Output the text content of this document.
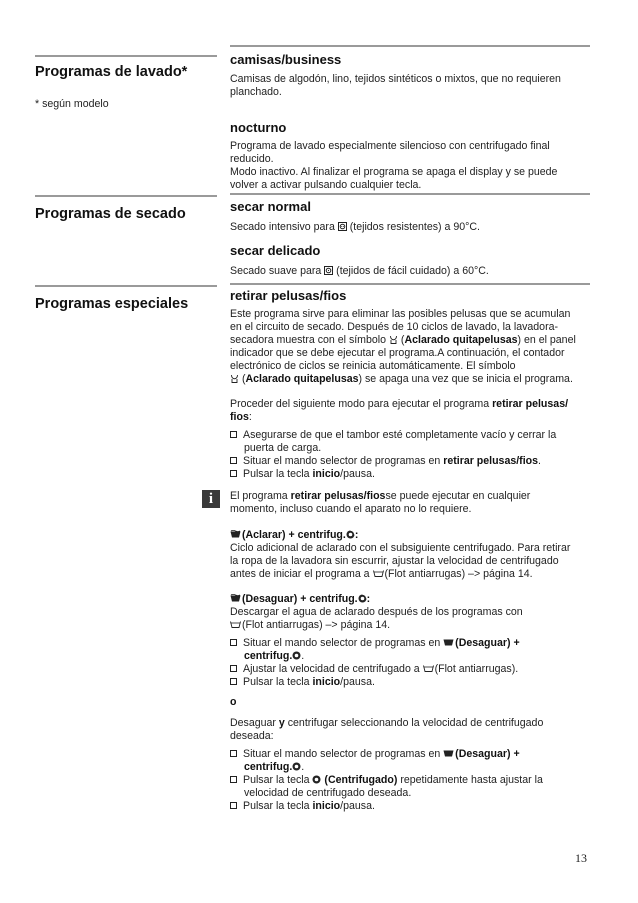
Programas de lavado*
* según modelo
Programas de secado
Programas especiales
camisas/business
Camisas de algodón, lino, tejidos sintéticos o mixtos, que no requieren planchado.
nocturno
Programa de lavado especialmente silencioso con centrifugado final
reducido.
Modo inactivo. Al finalizar el programa se apaga el display y se puede
volver a activar pulsando cualquier tecla.
secar normal
Secado intensivo para
(tejidos resistentes) a 90°C.
secar delicado
Secado suave para
(tejidos de fácil cuidado) a 60°C.
retirar pelusas/fios
Este programa sirve para eliminar las posibles pelusas que se acumulan
en el circuito de secado. Después de 10 ciclos de lavado, la lavadora-
secadora muestra con el símbolo
(Aclarado quitapelusas) en el panel
indicador que se debe ejecutar el programa.A continuación, el contador
electrónico de ciclos se reinicia automáticamente. El símbolo
(Aclarado quitapelusas) se apaga una vez que se inicia el programa.
Proceder del siguiente modo para ejecutar el programa retirar pelusas/
fios:
Asegurarse de que el tambor esté completamente vacío y cerrar la
puerta de carga.
Situar el mando selector de programas en retirar pelusas/fios.
Pulsar la tecla inicio/pausa.
i	El programa retirar pelusas/fiosse puede ejecutar en cualquier
momento, incluso cuando el aparato no lo requiere.
(Aclarar) + centrifug. :
Ciclo adicional de aclarado con el subsiguiente centrifugado. Para retirar
la ropa de la lavadora sin escurrir, ajustar la velocidad de centrifugado
antes de iniciar el programa a
(Flot antiarrugas) –> página 14.
(Desaguar) + centrifug. :
Descargar el agua de aclarado después de los programas con
(Flot antiarrugas) –> página 14.
Situar el mando selector de programas en
(Desaguar) +
centrifug. .
Ajustar la velocidad de centrifugado a
(Flot antiarrugas).
Pulsar la tecla inicio/pausa.
o
Desaguar y centrifugar seleccionando la velocidad de centrifugado
deseada:
Situar el mando selector de programas en
(Desaguar) +
centrifug. .
Pulsar la tecla
(Centrifugado) repetidamente hasta ajustar la
velocidad de centrifugado deseada.
Pulsar la tecla inicio/pausa.
13
